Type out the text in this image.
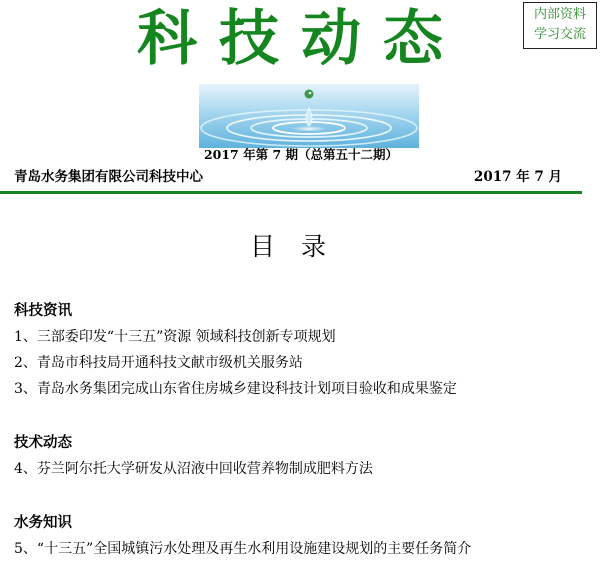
内部资料
学习交流
科技动态
2017 年第 7 期（总第五十二期）
青岛水务集团有限公司科技中心	2017 年 7 月
目录
科技资讯
1、三部委印发“十三五”资源 领域科技创新专项规划
2、青岛市科技局开通科技文献市级机关服务站
3、青岛水务集团完成山东省住房城乡建设科技计划项目验收和成果鉴定
技术动态
4、芬兰阿尔托大学研发从沼液中回收营养物制成肥料方法
水务知识
5、“十三五”全国城镇污水处理及再生水利用设施建设规划的主要任务简介
